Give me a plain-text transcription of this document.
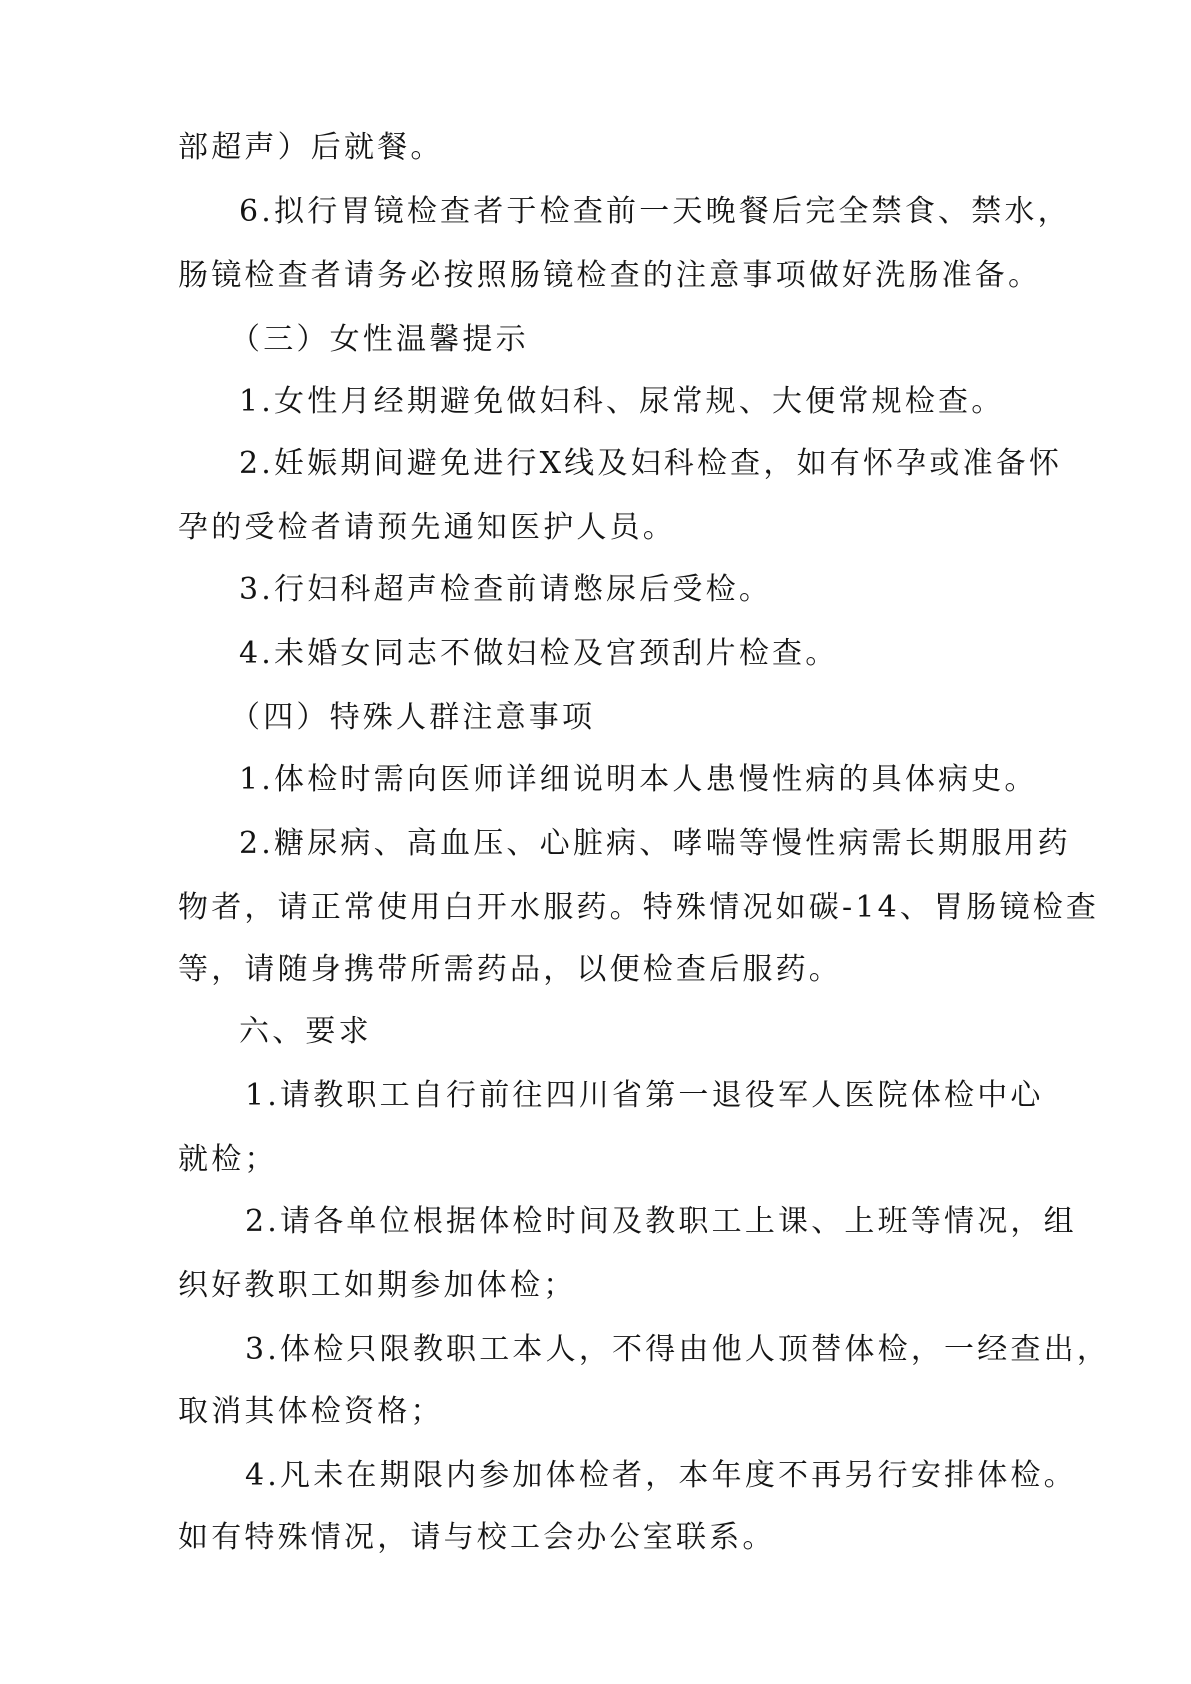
部超声）后就餐。
6.拟行胃镜检查者于检查前一天晚餐后完全禁食、禁水，
肠镜检查者请务必按照肠镜检查的注意事项做好洗肠准备。
（三）女性温馨提示
1.女性月经期避免做妇科、尿常规、大便常规检查。
2.妊娠期间避免进行X线及妇科检查，如有怀孕或准备怀
孕的受检者请预先通知医护人员。
3.行妇科超声检查前请憋尿后受检。
4.未婚女同志不做妇检及宫颈刮片检查。
（四）特殊人群注意事项
1.体检时需向医师详细说明本人患慢性病的具体病史。
2.糖尿病、高血压、心脏病、哮喘等慢性病需长期服用药
物者，请正常使用白开水服药。特殊情况如碳-14、胃肠镜检查
等，请随身携带所需药品，以便检查后服药。
六、要求
1.请教职工自行前往四川省第一退役军人医院体检中心
就检；
2.请各单位根据体检时间及教职工上课、上班等情况，组
织好教职工如期参加体检；
3.体检只限教职工本人，不得由他人顶替体检，一经查出，
取消其体检资格；
4.凡未在期限内参加体检者，本年度不再另行安排体检。
如有特殊情况，请与校工会办公室联系。
